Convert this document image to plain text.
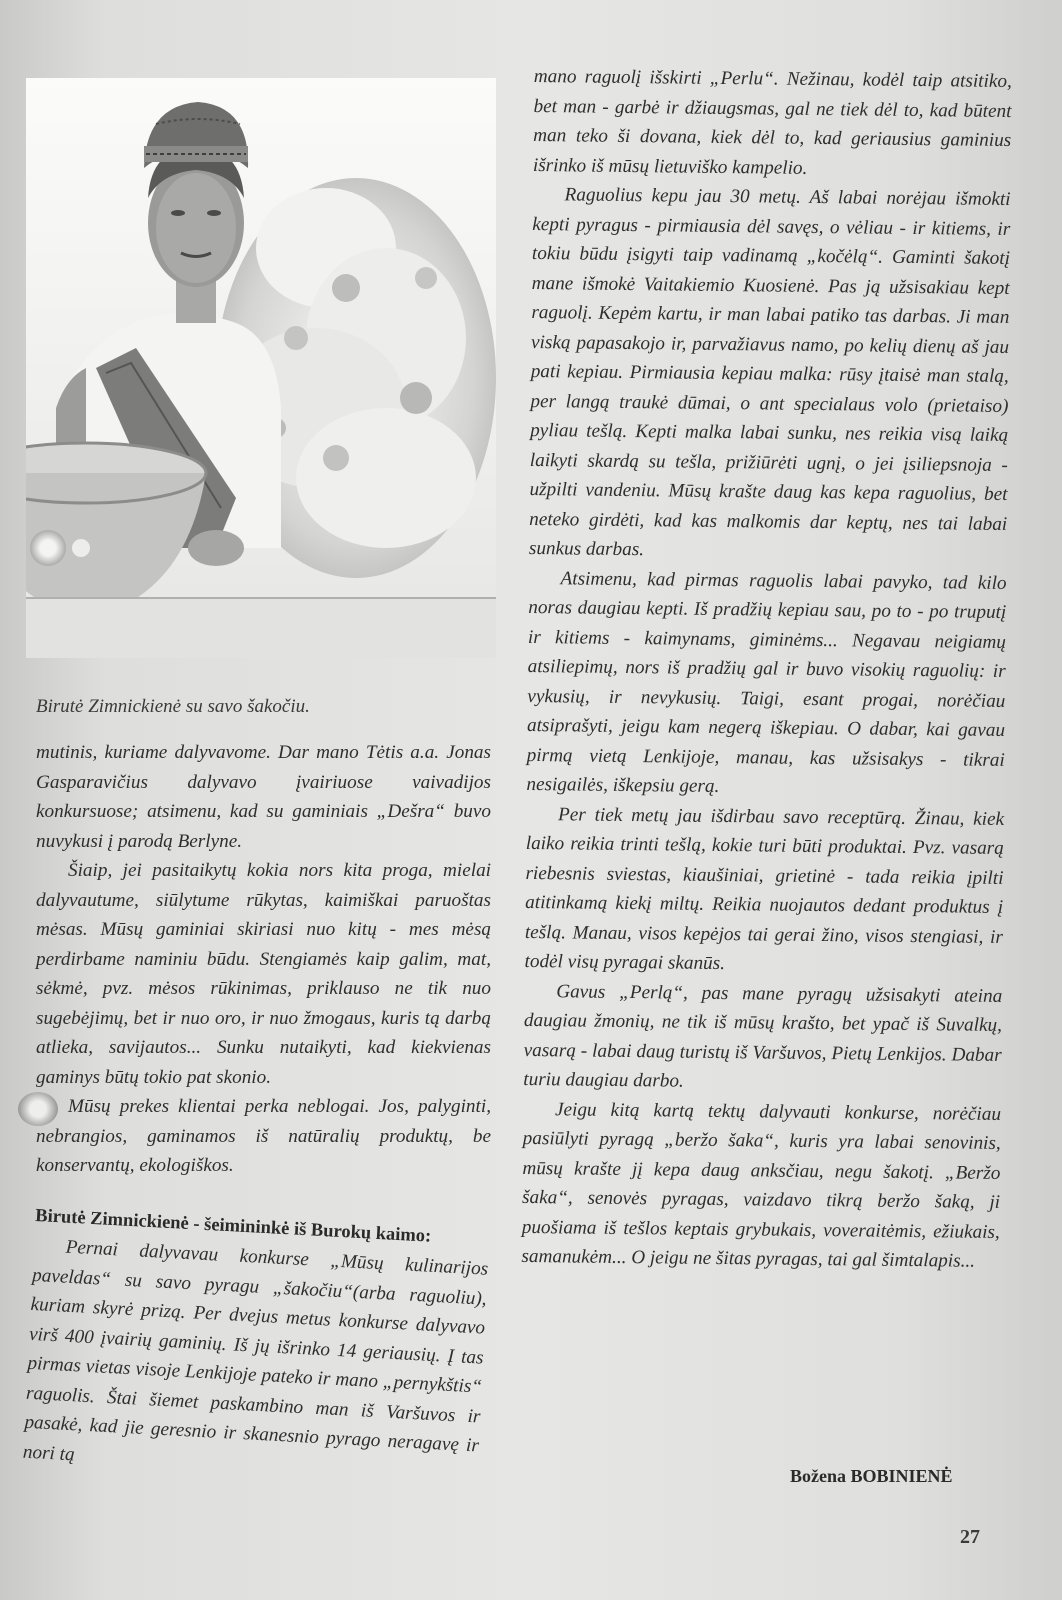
Birutė Zimnickienė su savo šakočiu.

mutinis, kuriame dalyvavome. Dar mano Tėtis a.a. Jonas Gasparavičius dalyvavo įvairiuose vaivadijos konkursuose; atsimenu, kad su gaminiais „Dešra“ buvo nuvykusi į parodą Berlyne.

Šiaip, jei pasitaikytų kokia nors kita proga, mielai dalyvautume, siūlytume rūkytas, kaimiškai paruoštas mėsas. Mūsų gaminiai skiriasi nuo kitų - mes mėsą perdirbame naminiu būdu. Stengiamės kaip galim, mat, sėkmė, pvz. mėsos rūkinimas, priklauso ne tik nuo sugebėjimų, bet ir nuo oro, ir nuo žmogaus, kuris tą darbą atlieka, savijautos... Sunku nutaikyti, kad kiekvienas gaminys būtų tokio pat skonio.

Mūsų prekes klientai perka neblogai. Jos, palyginti, nebrangios, gaminamos iš natūralių produktų, be konservantų, ekologiškos.

Birutė Zimnickienė - šeimininkė iš Burokų kaimo:

Pernai dalyvavau konkurse „Mūsų kulinarijos paveldas“ su savo pyragu „šakočiu“(arba raguoliu), kuriam skyrė prizą. Per dvejus metus konkurse dalyvavo virš 400 įvairių gaminių. Iš jų išrinko 14 geriausių. Į tas pirmas vietas visoje Lenkijoje pateko ir mano „pernykštis“ raguolis. Štai šiemet paskambino man iš Varšuvos ir pasakė, kad jie geresnio ir skanesnio pyrago neragavę ir nori tą

mano raguolį išskirti „Perlu“. Nežinau, kodėl taip atsitiko, bet man - garbė ir džiaugsmas, gal ne tiek dėl to, kad būtent man teko ši dovana, kiek dėl to, kad geriausius gaminius išrinko iš mūsų lietuviško kampelio.

Raguolius kepu jau 30 metų. Aš labai norėjau išmokti kepti pyragus - pirmiausia dėl savęs, o vėliau - ir kitiems, ir tokiu būdu įsigyti taip vadinamą „kočėlą“. Gaminti šakotį mane išmokė Vaitakiemio Kuosienė. Pas ją užsisakiau kept raguolį. Kepėm kartu, ir man labai patiko tas darbas. Ji man viską papasakojo ir, parvažiavus namo, po kelių dienų aš jau pati kepiau. Pirmiausia kepiau malka: rūsy įtaisė man stalą, per langą traukė dūmai, o ant specialaus volo (prietaiso) pyliau tešlą. Kepti malka labai sunku, nes reikia visą laiką laikyti skardą su tešla, prižiūrėti ugnį, o jei įsiliepsnoja - užpilti vandeniu. Mūsų krašte daug kas kepa raguolius, bet neteko girdėti, kad kas malkomis dar keptų, nes tai labai sunkus darbas.

Atsimenu, kad pirmas raguolis labai pavyko, tad kilo noras daugiau kepti. Iš pradžių kepiau sau, po to - po truputį ir kitiems - kaimynams, giminėms... Negavau neigiamų atsiliepimų, nors iš pradžių gal ir buvo visokių raguolių: ir vykusių, ir nevykusių. Taigi, esant progai, norėčiau atsiprašyti, jeigu kam negerą iškepiau. O dabar, kai gavau pirmą vietą Lenkijoje, manau, kas užsisakys - tikrai nesigailės, iškepsiu gerą.

Per tiek metų jau išdirbau savo receptūrą. Žinau, kiek laiko reikia trinti tešlą, kokie turi būti produktai. Pvz. vasarą riebesnis sviestas, kiaušiniai, grietinė - tada reikia įpilti atitinkamą kiekį miltų. Reikia nuojautos dedant produktus į tešlą. Manau, visos kepėjos tai gerai žino, visos stengiasi, ir todėl visų pyragai skanūs.

Gavus „Perlą“, pas mane pyragų užsisakyti ateina daugiau žmonių, ne tik iš mūsų krašto, bet ypač iš Suvalkų, vasarą - labai daug turistų iš Varšuvos, Pietų Lenkijos. Dabar turiu daugiau darbo.

Jeigu kitą kartą tektų dalyvauti konkurse, norėčiau pasiūlyti pyragą „beržo šaka“, kuris yra labai senovinis, mūsų krašte jį kepa daug anksčiau, negu šakotį. „Beržo šaka“, senovės pyragas, vaizdavo tikrą beržo šaką, ji puošiama iš tešlos keptais grybukais, voveraitėmis, ežiukais, samanukėm... O jeigu ne šitas pyragas, tai gal šimtalapis...

Božena BOBINIENĖ
27
